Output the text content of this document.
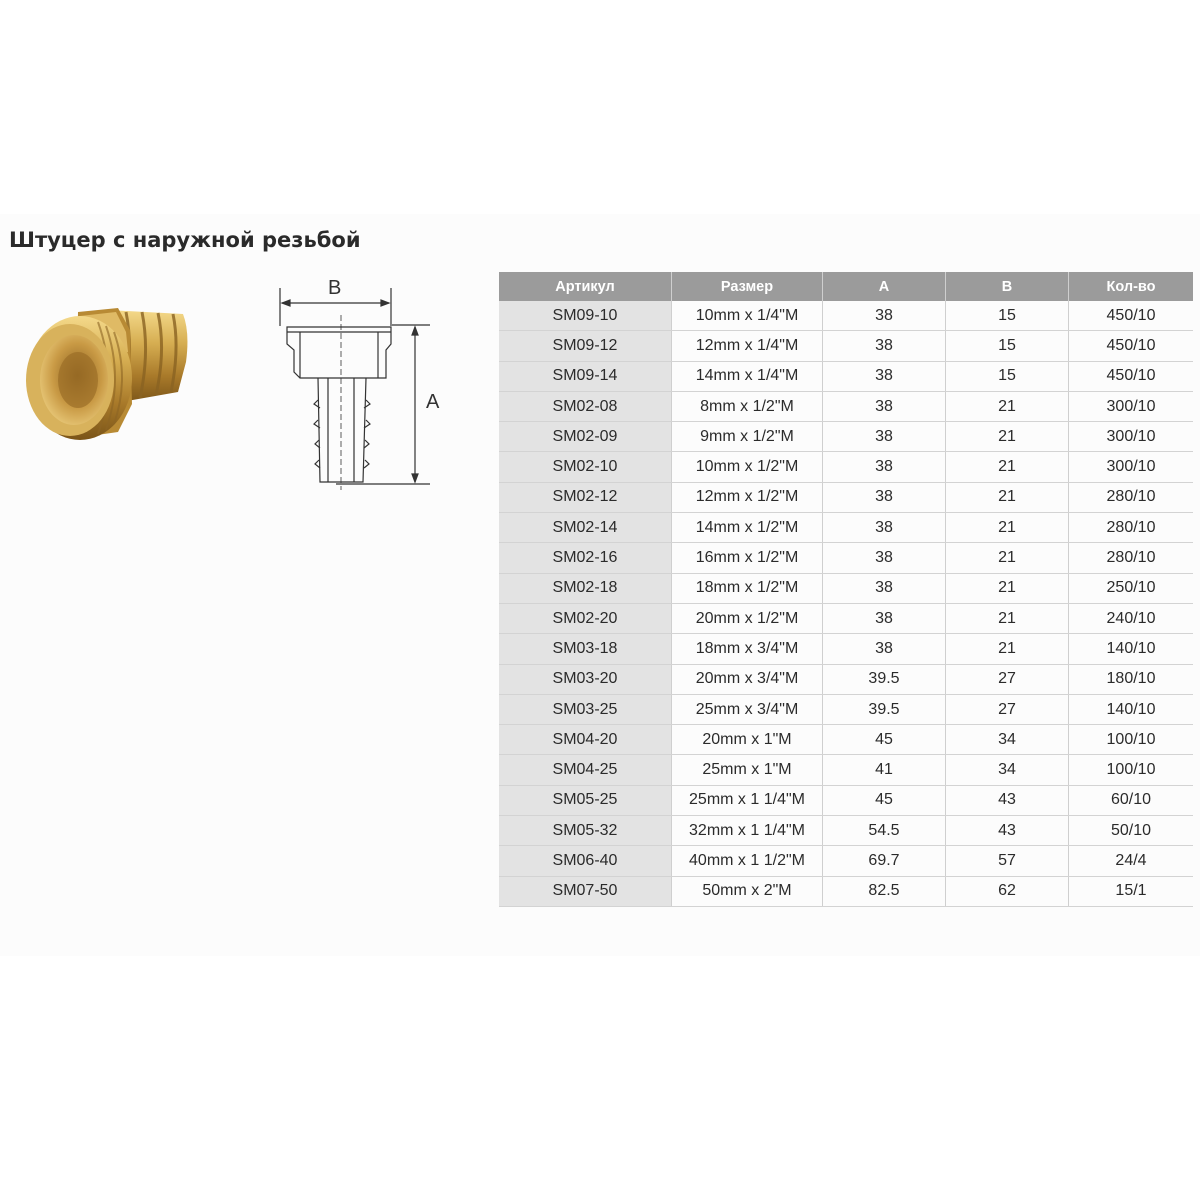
Штуцер с наружной резьбой
B
A
Артикул	Размер	A	B	Кол-во
SM09-10	10mm x 1/4"M	38	15	450/10
SM09-12	12mm x 1/4"M	38	15	450/10
SM09-14	14mm x 1/4"M	38	15	450/10
SM02-08	8mm x 1/2"M	38	21	300/10
SM02-09	9mm x 1/2"M	38	21	300/10
SM02-10	10mm x 1/2"M	38	21	300/10
SM02-12	12mm x 1/2"M	38	21	280/10
SM02-14	14mm x 1/2"M	38	21	280/10
SM02-16	16mm x 1/2"M	38	21	280/10
SM02-18	18mm x 1/2"M	38	21	250/10
SM02-20	20mm x 1/2"M	38	21	240/10
SM03-18	18mm x 3/4"M	38	21	140/10
SM03-20	20mm x 3/4"M	39.5	27	180/10
SM03-25	25mm x 3/4"M	39.5	27	140/10
SM04-20	20mm x 1"M	45	34	100/10
SM04-25	25mm x 1"M	41	34	100/10
SM05-25	25mm x 1 1/4"M	45	43	60/10
SM05-32	32mm x 1 1/4"M	54.5	43	50/10
SM06-40	40mm x 1 1/2"M	69.7	57	24/4
SM07-50	50mm x 2"M	82.5	62	15/1
